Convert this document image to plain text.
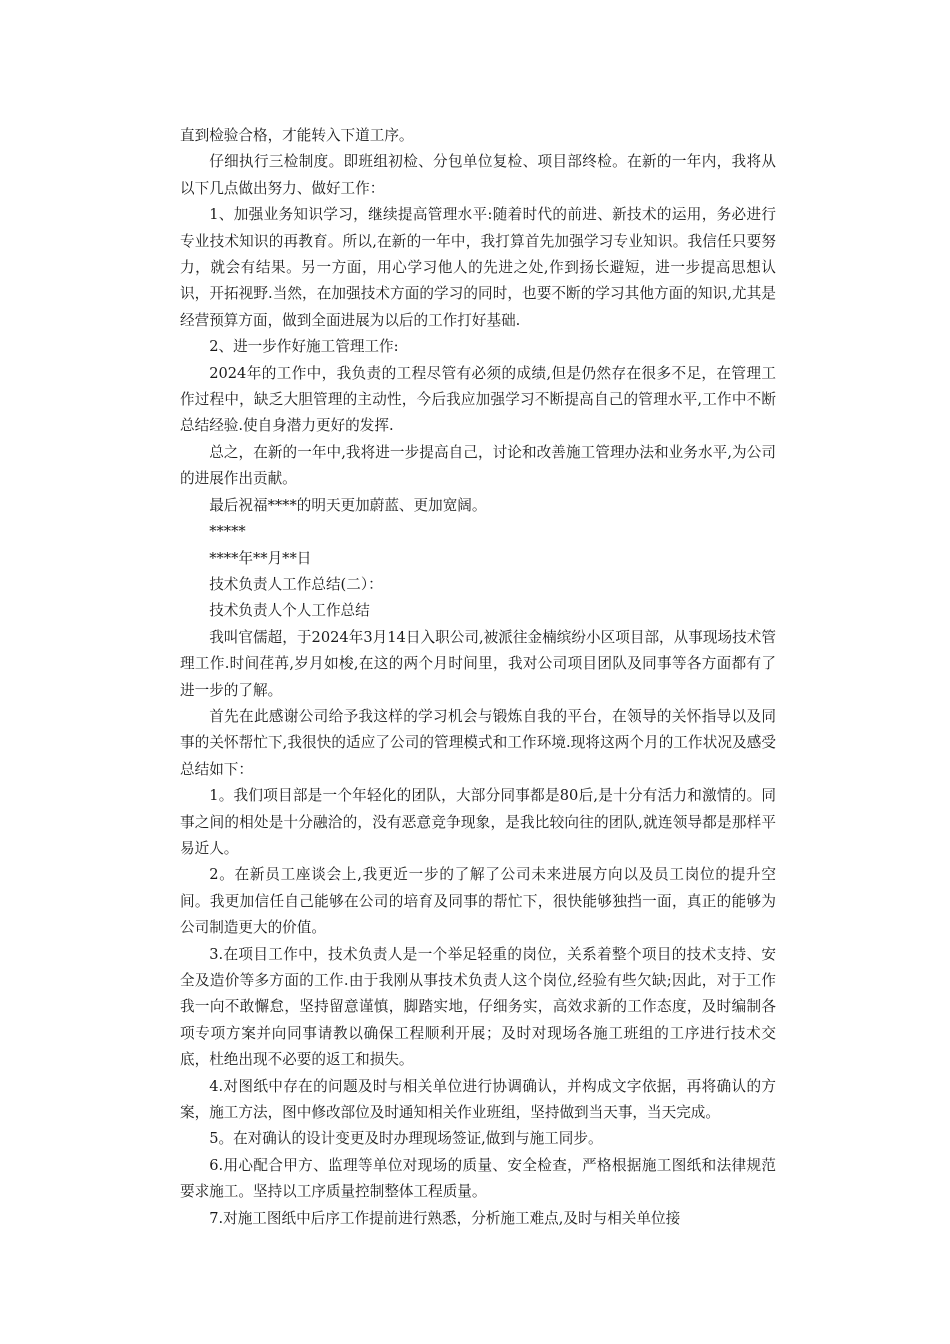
直到检验合格，才能转入下道工序。

仔细执行三检制度。即班组初检、分包单位复检、项目部终检。在新的一年内，我将从以下几点做出努力、做好工作：

1、加强业务知识学习，继续提高管理水平:随着时代的前进、新技术的运用，务必进行专业技术知识的再教育。所以,在新的一年中，我打算首先加强学习专业知识。我信任只要努力，就会有结果。另一方面，用心学习他人的先进之处,作到扬长避短，进一步提高思想认识，开拓视野.当然，在加强技术方面的学习的同时，也要不断的学习其他方面的知识,尤其是经营预算方面，做到全面进展为以后的工作打好基础.

2、进一步作好施工管理工作:

2024年的工作中，我负责的工程尽管有必须的成绩,但是仍然存在很多不足，在管理工作过程中，缺乏大胆管理的主动性，今后我应加强学习不断提高自己的管理水平,工作中不断总结经验.使自身潜力更好的发挥.

总之，在新的一年中,我将进一步提高自己，讨论和改善施工管理办法和业务水平,为公司的进展作出贡献。

最后祝福****的明天更加蔚蓝、更加宽阔。

*****

****年**月**日

技术负责人工作总结(二）：

技术负责人个人工作总结

我叫官儒超，于2024年3月14日入职公司,被派往金楠缤纷小区项目部，从事现场技术管理工作.时间荏苒,岁月如梭,在这的两个月时间里，我对公司项目团队及同事等各方面都有了进一步的了解。

首先在此感谢公司给予我这样的学习机会与锻炼自我的平台，在领导的关怀指导以及同事的关怀帮忙下,我很快的适应了公司的管理模式和工作环境.现将这两个月的工作状况及感受总结如下：

1。我们项目部是一个年轻化的团队，大部分同事都是80后,是十分有活力和激情的。同事之间的相处是十分融洽的，没有恶意竞争现象，是我比较向往的团队,就连领导都是那样平易近人。

2。在新员工座谈会上,我更近一步的了解了公司未来进展方向以及员工岗位的提升空间。我更加信任自己能够在公司的培育及同事的帮忙下，很快能够独挡一面，真正的能够为公司制造更大的价值。

3.在项目工作中，技术负责人是一个举足轻重的岗位，关系着整个项目的技术支持、安全及造价等多方面的工作.由于我刚从事技术负责人这个岗位,经验有些欠缺;因此，对于工作我一向不敢懈怠，坚持留意谨慎，脚踏实地，仔细务实，高效求新的工作态度，及时编制各项专项方案并向同事请教以确保工程顺利开展；及时对现场各施工班组的工序进行技术交底，杜绝出现不必要的返工和损失。

4.对图纸中存在的问题及时与相关单位进行协调确认，并构成文字依据，再将确认的方案，施工方法，图中修改部位及时通知相关作业班组，坚持做到当天事，当天完成。

5。在对确认的设计变更及时办理现场签证,做到与施工同步。

6.用心配合甲方、监理等单位对现场的质量、安全检查，严格根据施工图纸和法律规范要求施工。坚持以工序质量控制整体工程质量。

7.对施工图纸中后序工作提前进行熟悉，分析施工难点,及时与相关单位接
